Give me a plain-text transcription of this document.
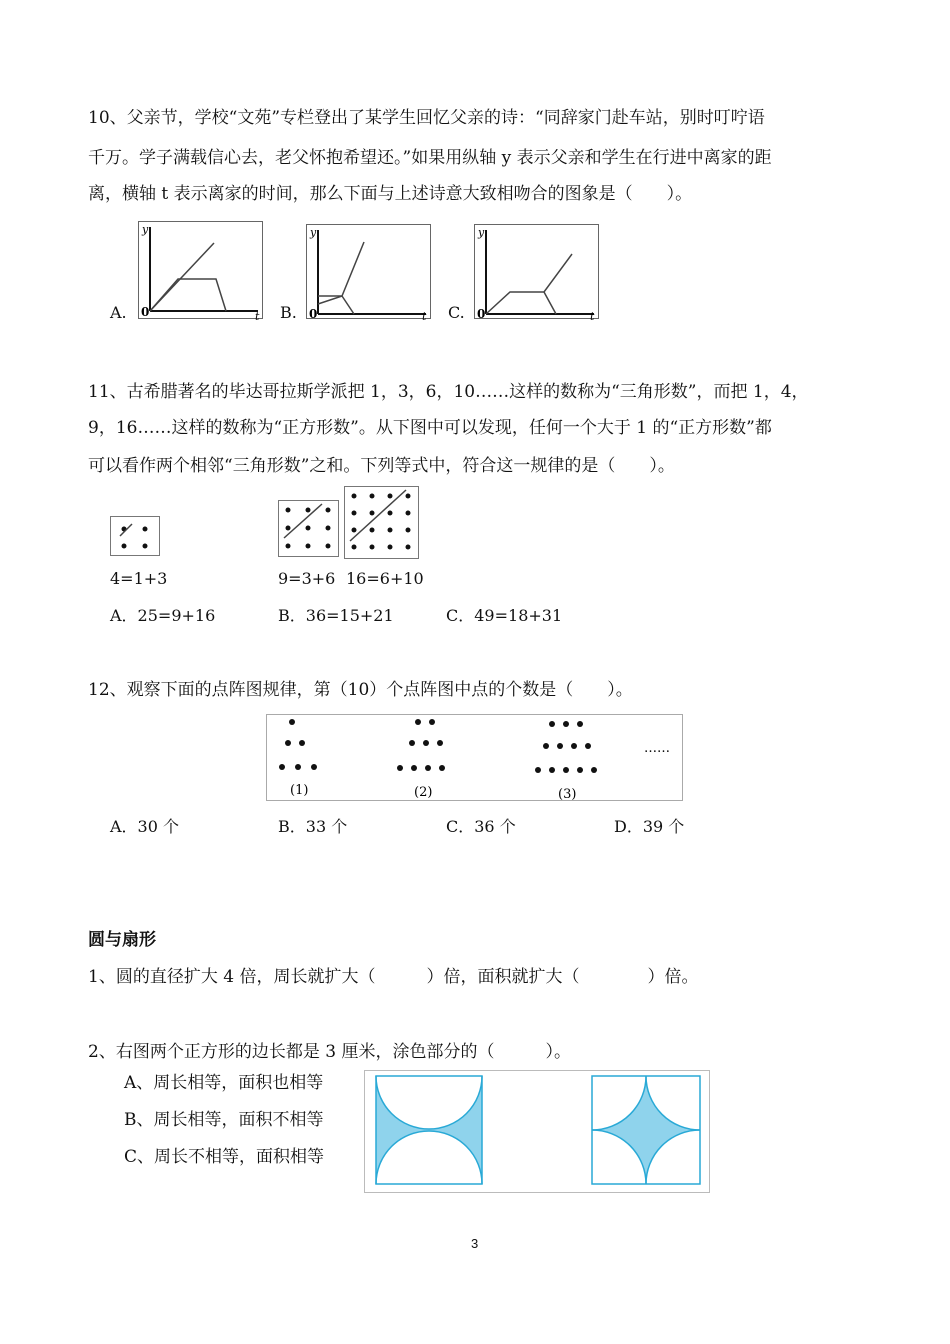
10、父亲节，学校“文苑”专栏登出了某学生回忆父亲的诗：“同辞家门赴车站，别时叮咛语
千万。学子满载信心去，老父怀抱希望还。”如果用纵轴 y 表示父亲和学生在行进中离家的距
离，横轴 t 表示离家的时间，那么下面与上述诗意大致相吻合的图象是（　　）。
A.
y
t
0	B.
y
t
0	C.
y
t
0
11、古希腊著名的毕达哥拉斯学派把 1，3，6，10……这样的数称为“三角形数”，而把 1，4，
9，16……这样的数称为“正方形数”。从下图中可以发现，任何一个大于 1 的“正方形数”都
可以看作两个相邻“三角形数”之和。下列等式中，符合这一规律的是（　　）。
4=1+3	9=3+6 16=6+10
A．25=9+16	B．36=15+21	C．49=18+31
12、观察下面的点阵图规律，第（10）个点阵图中点的个数是（　　）。
(1)	(2)	(3)
……
A．30 个	B．33 个	C．36 个	D．39 个
圆与扇形
1、圆的直径扩大 4 倍，周长就扩大（　　　）倍，面积就扩大（　　　　）倍。
2、右图两个正方形的边长都是 3 厘米，涂色部分的（　　　）。
A、周长相等，面积也相等
B、周长相等，面积不相等
C、周长不相等，面积相等
3
